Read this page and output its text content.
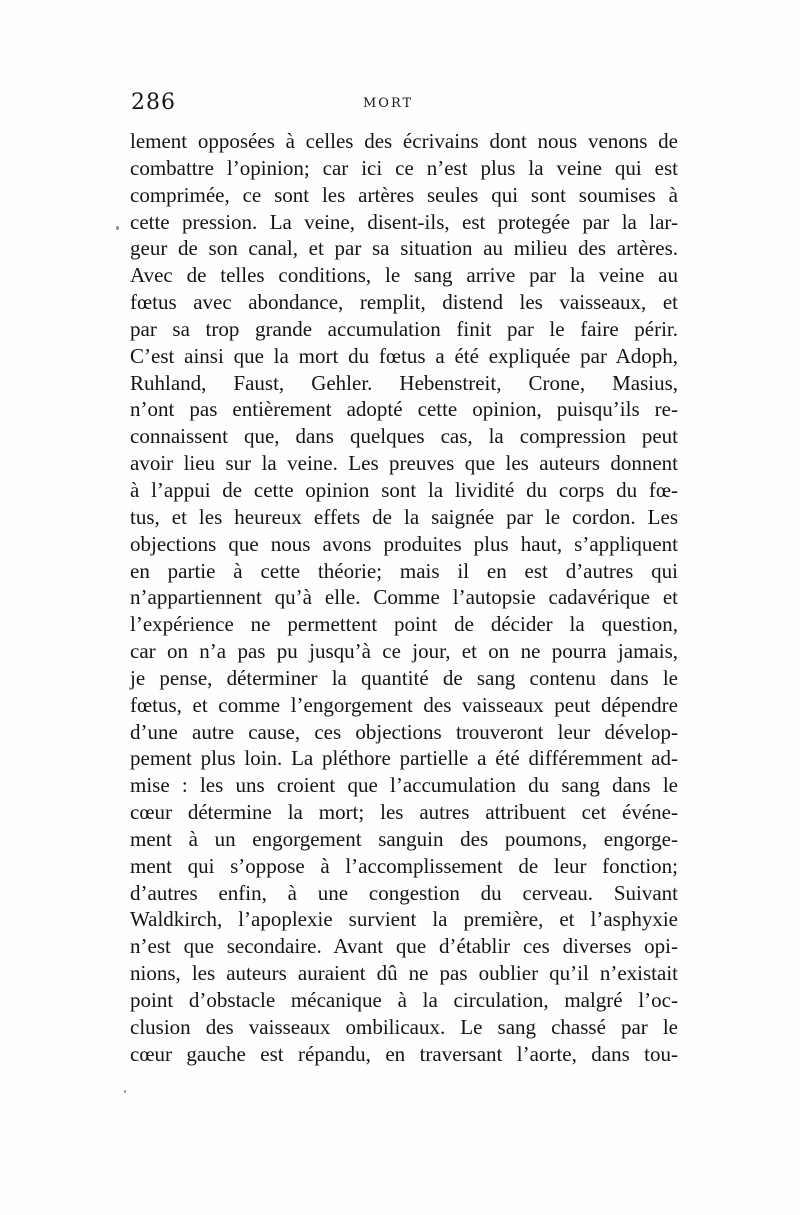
286	MORT
lement opposées à celles des écrivains dont nous venons de
combattre l’opinion; car ici ce n’est plus la veine qui est
comprimée, ce sont les artères seules qui sont soumises à
cette pression. La veine, disent-ils, est protegée par la lar-
geur de son canal, et par sa situation au milieu des artères.
Avec de telles conditions, le sang arrive par la veine au
fœtus avec abondance, remplit, distend les vaisseaux, et
par sa trop grande accumulation finit par le faire périr.
C’est ainsi que la mort du fœtus a été expliquée par Adoph,
Ruhland, Faust, Gehler. Hebenstreit, Crone, Masius,
n’ont pas entièrement adopté cette opinion, puisqu’ils re-
connaissent que, dans quelques cas, la compression peut
avoir lieu sur la veine. Les preuves que les auteurs donnent
à l’appui de cette opinion sont la lividité du corps du fœ-
tus, et les heureux effets de la saignée par le cordon. Les
objections que nous avons produites plus haut, s’appliquent
en partie à cette théorie; mais il en est d’autres qui
n’appartiennent qu’à elle. Comme l’autopsie cadavérique et
l’expérience ne permettent point de décider la question,
car on n’a pas pu jusqu’à ce jour, et on ne pourra jamais,
je pense, déterminer la quantité de sang contenu dans le
fœtus, et comme l’engorgement des vaisseaux peut dépendre
d’une autre cause, ces objections trouveront leur dévelop-
pement plus loin. La pléthore partielle a été différemment ad-
mise : les uns croient que l’accumulation du sang dans le
cœur détermine la mort; les autres attribuent cet événe-
ment à un engorgement sanguin des poumons, engorge-
ment qui s’oppose à l’accomplissement de leur fonction;
d’autres enfin, à une congestion du cerveau. Suivant
Waldkirch, l’apoplexie survient la première, et l’asphyxie
n’est que secondaire. Avant que d’établir ces diverses opi-
nions, les auteurs auraient dû ne pas oublier qu’il n’existait
point d’obstacle mécanique à la circulation, malgré l’oc-
clusion des vaisseaux ombilicaux. Le sang chassé par le
cœur gauche est répandu, en traversant l’aorte, dans tou-
